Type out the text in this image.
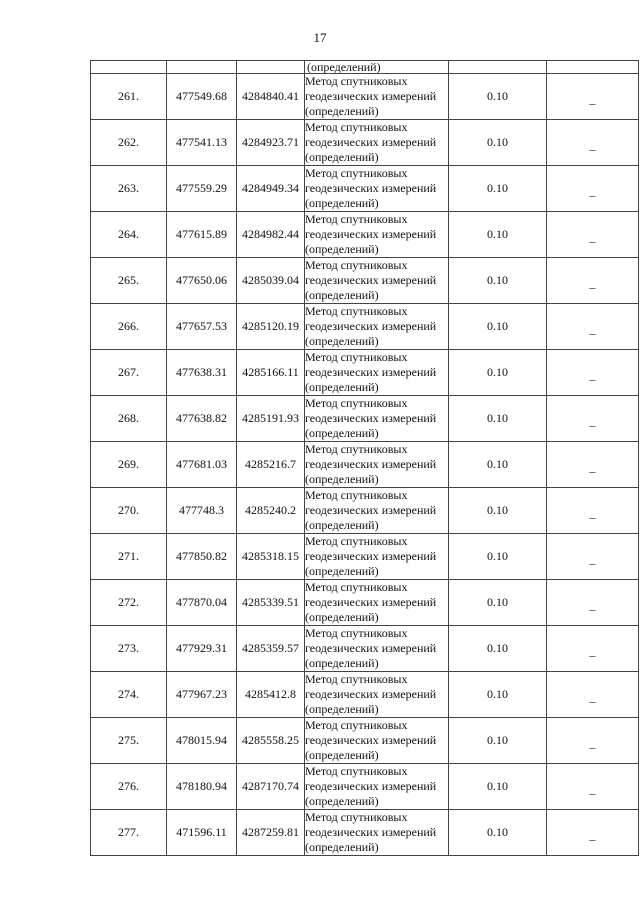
17
			(определений)		
261.	477549.68	4284840.41	Метод спутниковых
геодезических измерений
(определений)	0.10	_
262.	477541.13	4284923.71	Метод спутниковых
геодезических измерений
(определений)	0.10	_
263.	477559.29	4284949.34	Метод спутниковых
геодезических измерений
(определений)	0.10	_
264.	477615.89	4284982.44	Метод спутниковых
геодезических измерений
(определений)	0.10	_
265.	477650.06	4285039.04	Метод спутниковых
геодезических измерений
(определений)	0.10	_
266.	477657.53	4285120.19	Метод спутниковых
геодезических измерений
(определений)	0.10	_
267.	477638.31	4285166.11	Метод спутниковых
геодезических измерений
(определений)	0.10	_
268.	477638.82	4285191.93	Метод спутниковых
геодезических измерений
(определений)	0.10	_
269.	477681.03	4285216.7	Метод спутниковых
геодезических измерений
(определений)	0.10	_
270.	477748.3	4285240.2	Метод спутниковых
геодезических измерений
(определений)	0.10	_
271.	477850.82	4285318.15	Метод спутниковых
геодезических измерений
(определений)	0.10	_
272.	477870.04	4285339.51	Метод спутниковых
геодезических измерений
(определений)	0.10	_
273.	477929.31	4285359.57	Метод спутниковых
геодезических измерений
(определений)	0.10	_
274.	477967.23	4285412.8	Метод спутниковых
геодезических измерений
(определений)	0.10	_
275.	478015.94	4285558.25	Метод спутниковых
геодезических измерений
(определений)	0.10	_
276.	478180.94	4287170.74	Метод спутниковых
геодезических измерений
(определений)	0.10	_
277.	471596.11	4287259.81	Метод спутниковых
геодезических измерений
(определений)	0.10	_
